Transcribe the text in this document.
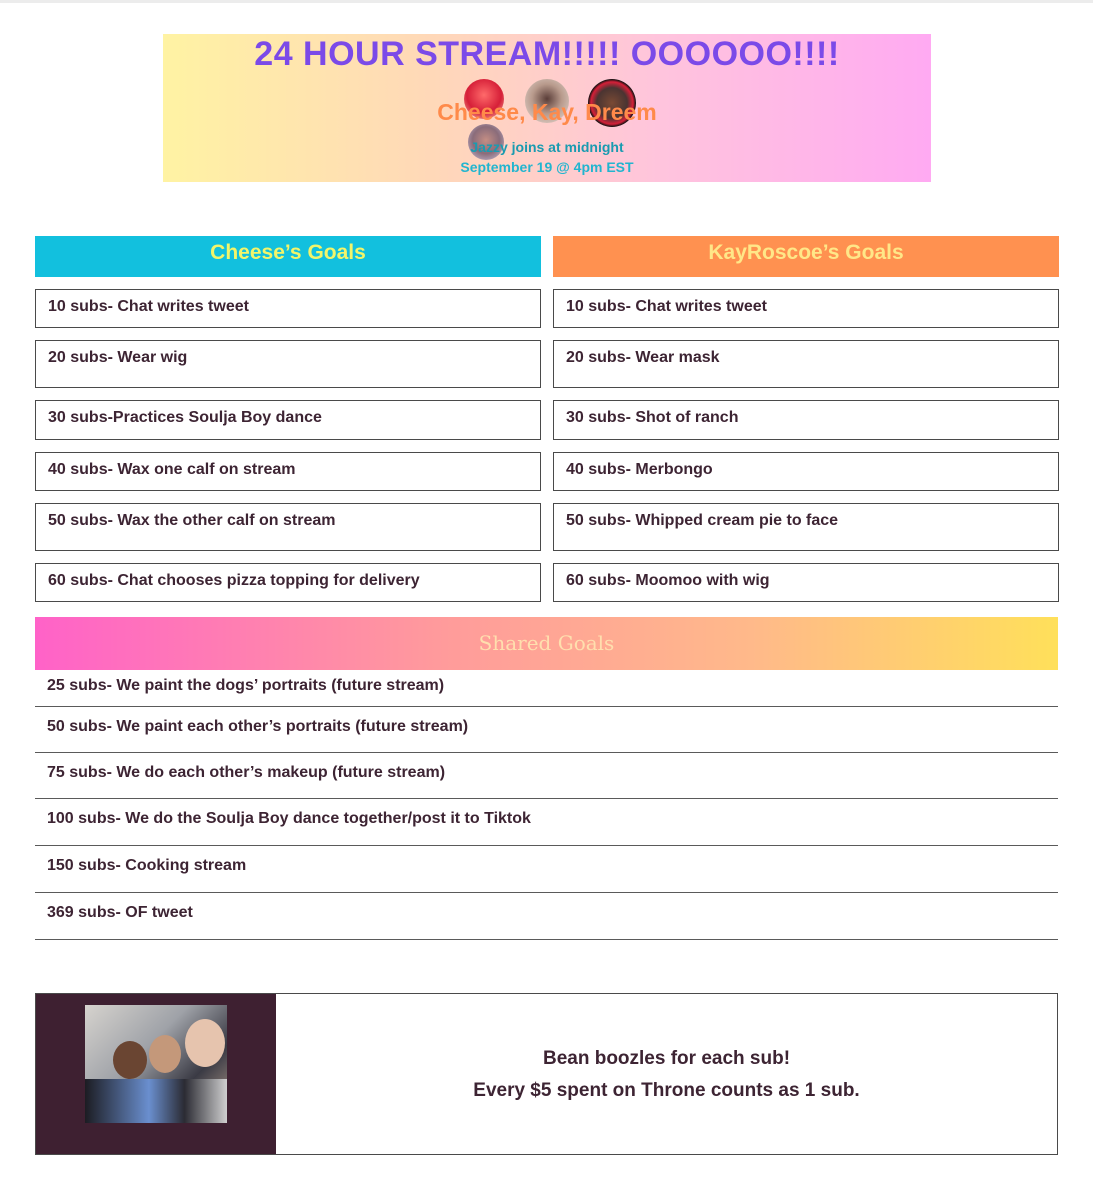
24 HOUR STREAM!!!!! OOOOOO!!!!
Cheese, Kay, Dreem
Jazzy joins at midnight
September 19 @ 4pm EST
Cheese’s Goals	KayRoscoe’s Goals
10 subs- Chat writes tweet
20 subs- Wear wig
30 subs-Practices Soulja Boy dance
40 subs- Wax one calf on stream
50 subs- Wax the other calf on stream
60 subs- Chat chooses pizza topping for delivery
10 subs- Chat writes tweet
20 subs- Wear mask
30 subs- Shot of ranch
40 subs- Merbongo
50 subs- Whipped cream pie to face
60 subs- Moomoo with wig
Shared Goals
25 subs- We paint the dogs’ portraits (future stream)
50 subs- We paint each other’s portraits (future stream)
75 subs- We do each other’s makeup (future stream)
100 subs- We do the Soulja Boy dance together/post it to Tiktok
150 subs- Cooking stream
369 subs- OF tweet
Bean boozles for each sub!
Every $5 spent on Throne counts as 1 sub.
